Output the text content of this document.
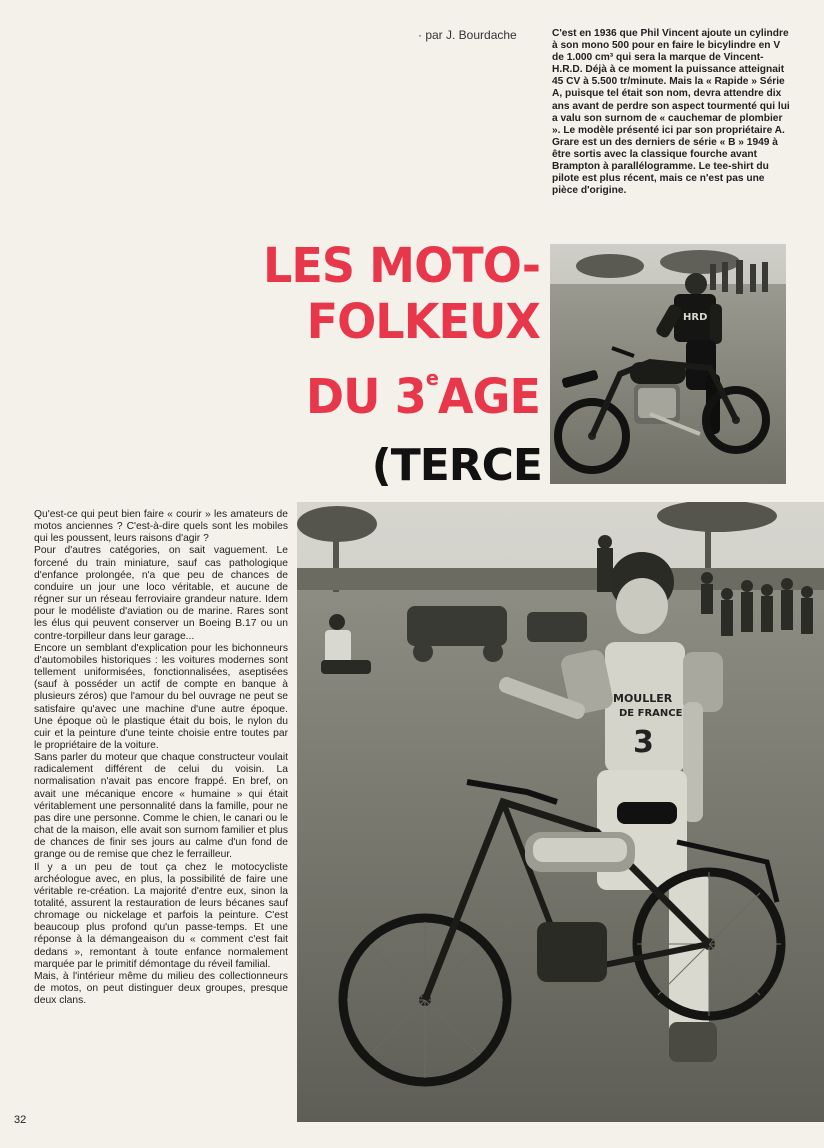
· par J. Bourdache	C'est en 1936 que Phil Vincent ajoute un cylindre à son mono 500 pour en faire le bicylindre en V de 1.000 cm³ qui sera la marque de Vincent-H.R.D. Déjà à ce moment la puissance atteignait 45 CV à 5.500 tr/minute. Mais la « Rapide » Série A, puisque tel était son nom, devra attendre dix ans avant de perdre son aspect tourmenté qui lui a valu son surnom de « cauchemar de plombier ». Le modèle présenté ici par son propriétaire A. Grare est un des derniers de série « B » 1949 à être sortis avec la classique fourche avant Brampton à parallélogramme. Le tee-shirt du pilote est plus récent, mais ce n'est pas une pièce d'origine.

LES MOTO-FOLKEUX
DU 3eAGE
(TERCE
HRD
MOULLER
DE FRANCE
3

Qu'est-ce qui peut bien faire « courir » les amateurs de motos anciennes ? C'est-à-dire quels sont les mobiles qui les poussent, leurs raisons d'agir ?
Pour d'autres catégories, on sait vaguement. Le forcené du train miniature, sauf cas pathologique d'enfance prolongée, n'a que peu de chances de conduire un jour une loco véritable, et aucune de régner sur un réseau ferroviaire grandeur nature. Idem pour le modéliste d'aviation ou de marine. Rares sont les élus qui peuvent conserver un Boeing B.17 ou un contre-torpilleur dans leur garage...
Encore un semblant d'explication pour les bichonneurs d'automobiles historiques : les voitures modernes sont tellement uniformisées, fonctionnalisées, aseptisées (sauf à posséder un actif de compte en banque à plusieurs zéros) que l'amour du bel ouvrage ne peut se satisfaire qu'avec une machine d'une autre époque. Une époque où le plastique était du bois, le nylon du cuir et la peinture d'une teinte choisie entre toutes par le propriétaire de la voiture.
Sans parler du moteur que chaque constructeur voulait radicalement différent de celui du voisin. La normalisation n'avait pas encore frappé. En bref, on avait une mécanique encore « humaine » qui était véritablement une personnalité dans la famille, pour ne pas dire une personne. Comme le chien, le canari ou le chat de la maison, elle avait son surnom familier et plus de chances de finir ses jours au calme d'un fond de grange ou de remise que chez le ferrailleur.
Il y a un peu de tout ça chez le motocycliste archéologue avec, en plus, la possibilité de faire une véritable re-création. La majorité d'entre eux, sinon la totalité, assurent la restauration de leurs bécanes sauf chromage ou nickelage et parfois la peinture. C'est beaucoup plus profond qu'un passe-temps. Et une réponse à la démangeaison du « comment c'est fait dedans », remontant à toute enfance normalement marquée par le primitif démontage du réveil familial.
Mais, à l'intérieur même du milieu des collectionneurs de motos, on peut distinguer deux groupes, presque deux clans.

32
